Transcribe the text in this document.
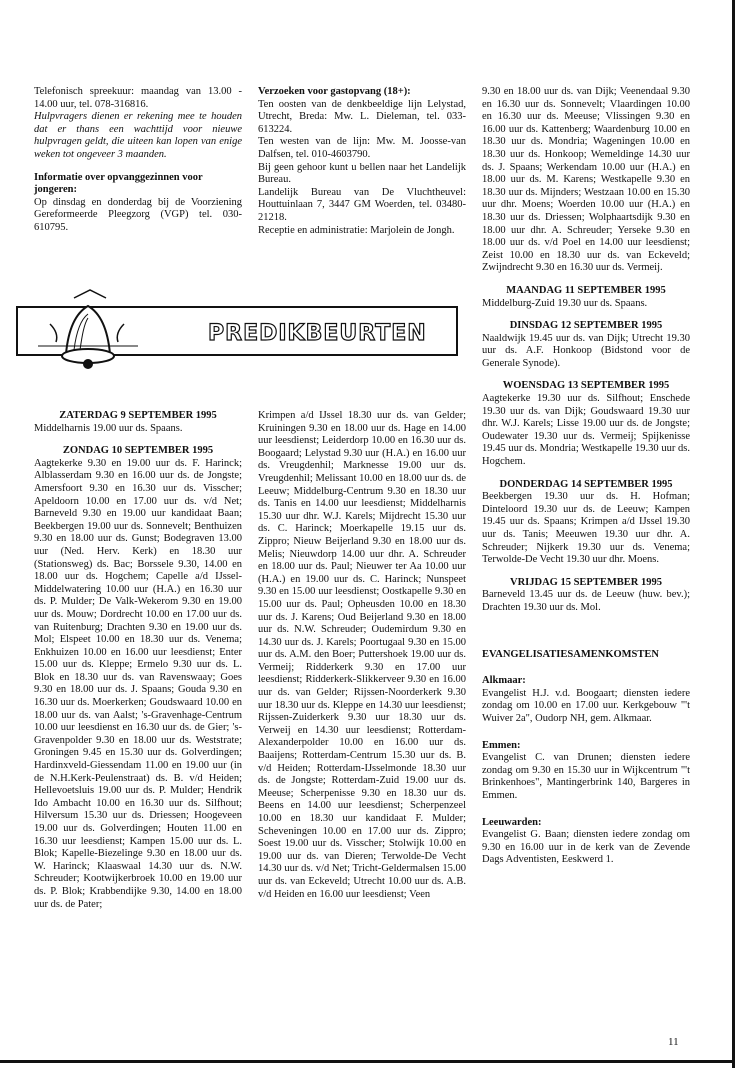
Telefonisch spreekuur: maandag van 13.00 - 14.00 uur, tel. 078-316816.

Hulpvragers dienen er rekening mee te houden dat er thans een wachttijd voor nieuwe hulpvragen geldt, die uiteen kan lopen van enige weken tot ongeveer 3 maanden.

Informatie over opvanggezinnen voor jongeren:

Op dinsdag en donderdag bij de Voorziening Gereformeerde Pleegzorg (VGP) tel. 030-610795.

Verzoeken voor gastopvang (18+):

Ten oosten van de denkbeeldige lijn Lelystad, Utrecht, Breda: Mw. L. Dieleman, tel. 033-613224.

Ten westen van de lijn: Mw. M. Joosse-van Dalfsen, tel. 010-4603790.

Bij geen gehoor kunt u bellen naar het Landelijk Bureau.

Landelijk Bureau van De Vluchtheuvel: Houttuinlaan 7, 3447 GM Woerden, tel. 03480-21218.

Receptie en administratie: Marjolein de Jongh.

PREDIKBEURTEN

ZATERDAG 9 SEPTEMBER 1995

Middelharnis 19.00 uur ds. Spaans.

ZONDAG 10 SEPTEMBER 1995

Aagtekerke 9.30 en 19.00 uur ds. F. Harinck; Alblasserdam 9.30 en 16.00 uur ds. de Jongste; Amersfoort 9.30 en 16.30 uur ds. Visscher; Apeldoorn 10.00 en 17.00 uur ds. v/d Net; Barneveld 9.30 en 19.00 uur kandidaat Baan; Beekbergen 19.00 uur ds. Sonnevelt; Benthuizen 9.30 en 18.00 uur ds. Gunst; Bodegraven 13.00 uur (Ned. Herv. Kerk) en 18.30 uur (Stationsweg) ds. Bac; Borssele 9.30, 14.00 en 18.00 uur ds. Hogchem; Capelle a/d IJssel-Middelwatering 10.00 uur (H.A.) en 16.30 uur ds. P. Mulder; De Valk-Wekerom 9.30 en 19.00 uur ds. Mouw; Dordrecht 10.00 en 17.00 uur ds. van Ruitenburg; Drachten 9.30 en 19.00 uur ds. Mol; Elspeet 10.00 en 18.30 uur ds. Venema; Enkhuizen 10.00 en 16.00 uur leesdienst; Enter 15.00 uur ds. Kleppe; Ermelo 9.30 uur ds. L. Blok en 18.30 uur ds. van Ravenswaay; Goes 9.30 en 18.00 uur ds. J. Spaans; Gouda 9.30 en 16.30 uur ds. Moerkerken; Goudswaard 10.00 en 18.00 uur ds. van Aalst; 's-Gravenhage-Centrum 10.00 uur leesdienst en 16.30 uur ds. de Gier; 's-Gravenpolder 9.30 en 18.00 uur ds. Weststrate; Groningen 9.45 en 15.30 uur ds. Golverdingen; Hardinxveld-Giessendam 11.00 en 19.00 uur (in de N.H.Kerk-Peulenstraat) ds. B. v/d Heiden; Hellevoetsluis 19.00 uur ds. P. Mulder; Hendrik Ido Ambacht 10.00 en 16.30 uur ds. Silfhout; Hilversum 15.30 uur ds. Driessen; Hoogeveen 19.00 uur ds. Golverdingen; Houten 11.00 en 16.30 uur leesdienst; Kampen 15.00 uur ds. L. Blok; Kapelle-Biezelinge 9.30 en 18.00 uur ds. W. Harinck; Klaaswaal 14.30 uur ds. N.W. Schreuder; Kootwijkerbroek 10.00 en 19.00 uur ds. P. Blok; Krabbendijke 9.30, 14.00 en 18.00 uur ds. de Pater;

Krimpen a/d IJssel 18.30 uur ds. van Gelder; Kruiningen 9.30 en 18.00 uur ds. Hage en 14.00 uur leesdienst; Leiderdorp 10.00 en 16.30 uur ds. Boogaard; Lelystad 9.30 uur (H.A.) en 16.00 uur ds. Vreugdenhil; Marknesse 19.00 uur ds. Vreugdenhil; Melissant 10.00 en 18.00 uur ds. de Leeuw; Middelburg-Centrum 9.30 en 18.30 uur ds. Tanis en 14.00 uur leesdienst; Middelharnis 15.30 uur dhr. W.J. Karels; Mijdrecht 15.30 uur ds. C. Harinck; Moerkapelle 19.15 uur ds. Zippro; Nieuw Beijerland 9.30 en 18.00 uur ds. Melis; Nieuwdorp 14.00 uur dhr. A. Schreuder en 18.00 uur ds. Paul; Nieuwer ter Aa 10.00 uur (H.A.) en 19.00 uur ds. C. Harinck; Nunspeet 9.30 en 15.00 uur leesdienst; Oostkapelle 9.30 en 15.00 uur ds. Paul; Opheusden 10.00 en 18.30 uur ds. J. Karens; Oud Beijerland 9.30 en 18.00 uur ds. N.W. Schreuder; Oudemirdum 9.30 en 14.30 uur ds. J. Karels; Poortugaal 9.30 en 15.00 uur ds. A.M. den Boer; Puttershoek 19.00 uur ds. Vermeij; Ridderkerk 9.30 en 17.00 uur leesdienst; Ridderkerk-Slikkerveer 9.30 en 16.00 uur ds. van Gelder; Rijssen-Noorderkerk 9.30 uur 18.30 uur ds. Kleppe en 14.30 uur leesdienst; Rijssen-Zuiderkerk 9.30 uur 18.30 uur ds. Verweij en 14.30 uur leesdienst; Rotterdam-Alexanderpolder 10.00 en 16.00 uur ds. Baaijens; Rotterdam-Centrum 15.30 uur ds. B. v/d Heiden; Rotterdam-IJsselmonde 18.30 uur ds. de Jongste; Rotterdam-Zuid 19.00 uur ds. Meeuse; Scherpenisse 9.30 en 18.30 uur ds. Beens en 14.00 uur leesdienst; Scherpenzeel 10.00 en 18.30 uur kandidaat F. Mulder; Scheveningen 10.00 en 17.00 uur ds. Zippro; Soest 19.00 uur ds. Visscher; Stolwijk 10.00 en 19.00 uur ds. van Dieren; Terwolde-De Vecht 14.30 uur ds. v/d Net; Tricht-Geldermalsen 15.00 uur ds. van Eckeveld; Utrecht 10.00 uur ds. A.B. v/d Heiden en 16.00 uur leesdienst; Veen

9.30 en 18.00 uur ds. van Dijk; Veenendaal 9.30 en 16.30 uur ds. Sonnevelt; Vlaardingen 10.00 en 16.30 uur ds. Meeuse; Vlissingen 9.30 en 16.00 uur ds. Kattenberg; Waardenburg 10.00 en 18.30 uur ds. Mondria; Wageningen 10.00 en 18.30 uur ds. Honkoop; Wemeldinge 14.30 uur ds. J. Spaans; Werkendam 10.00 uur (H.A.) en 18.00 uur ds. M. Karens; Westkapelle 9.30 en 18.30 uur ds. Mijnders; Westzaan 10.00 en 15.30 uur dhr. Moens; Woerden 10.00 uur (H.A.) en 18.30 uur ds. Driessen; Wolphaartsdijk 9.30 en 18.00 uur dhr. A. Schreuder; Yerseke 9.30 en 18.00 uur ds. v/d Poel en 14.00 uur leesdienst; Zeist 10.00 en 18.30 uur ds. van Eckeveld; Zwijndrecht 9.30 en 16.30 uur ds. Vermeij.

MAANDAG 11 SEPTEMBER 1995

Middelburg-Zuid 19.30 uur ds. Spaans.

DINSDAG 12 SEPTEMBER 1995

Naaldwijk 19.45 uur ds. van Dijk; Utrecht 19.30 uur ds. A.F. Honkoop (Bidstond voor de Generale Synode).

WOENSDAG 13 SEPTEMBER 1995

Aagtekerke 19.30 uur ds. Silfhout; Enschede 19.30 uur ds. van Dijk; Goudswaard 19.30 uur dhr. W.J. Karels; Lisse 19.00 uur ds. de Jongste; Oudewater 19.30 uur ds. Vermeij; Spijkenisse 19.45 uur ds. Mondria; Westkapelle 19.30 uur ds. Hogchem.

DONDERDAG 14 SEPTEMBER 1995

Beekbergen 19.30 uur ds. H. Hofman; Dinteloord 19.30 uur ds. de Leeuw; Kampen 19.45 uur ds. Spaans; Krimpen a/d IJssel 19.30 uur ds. Tanis; Meeuwen 19.30 uur dhr. A. Schreuder; Nijkerk 19.30 uur ds. Venema; Terwolde-De Vecht 19.30 uur dhr. Moens.

VRIJDAG 15 SEPTEMBER 1995

Barneveld 13.45 uur ds. de Leeuw (huw. bev.); Drachten 19.30 uur ds. Mol.

EVANGELISATIESAMENKOMSTEN

Alkmaar:

Evangelist H.J. v.d. Boogaart; diensten iedere zondag om 10.00 en 17.00 uur. Kerkgebouw "'t Wuiver 2a", Oudorp NH, gem. Alkmaar.

Emmen:

Evangelist C. van Drunen; diensten iedere zondag om 9.30 en 15.30 uur in Wijkcentrum "'t Brinkenhoes", Mantingerbrink 140, Bargeres in Emmen.

Leeuwarden:

Evangelist G. Baan; diensten iedere zondag om 9.30 en 16.00 uur in de kerk van de Zevende Dags Adventisten, Eeskwerd 1.

11
